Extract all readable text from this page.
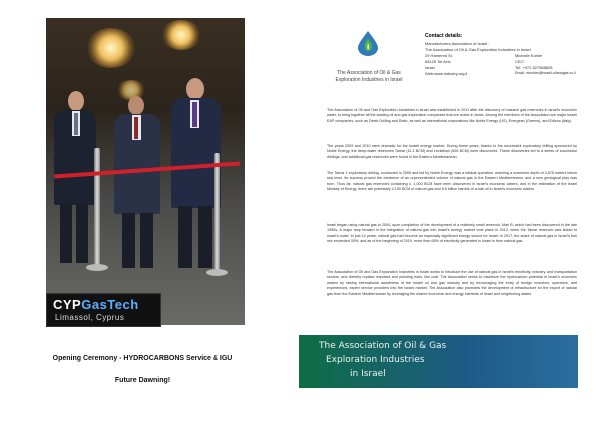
CYPGasTech
Limassol, Cyprus
Opening Ceremony - HYDROCARBONS Service & IGU
Future Dawning!
The Association of Oil & Gas
Exploration Industries in Israel
Contact details:
Manufacturers Association of Israel -
The Association of Oil & Gas Exploration Industries in Israel
29 Hamered St.
68125 Tel Aviv
Israel
Web:www.industry.org.il
Michelle Kohler
CEO
Tel: +972 527568828
Email: mkohler@israeli-oilandgas.co.il
The Association of Oil and Gas Exploration Industries in Israel was established in 2011 after the discovery of massive gas reservoirs in Israel's economic water, to bring together all the leading oil and gas exploration companies that are active in Israel. Among the members of the Association are major Israeli E&P companies, such as Delek Drilling and Ratio, as well as international corporations like Noble Energy (US), Energean (Greece), and Edison (Italy).
The years 2009 and 2010 were dramatic for the Israeli energy market. During these years, thanks to the successful exploratory drilling sponsored by Noble Energy, the deep-water reservoirs Tamar (11.1 BCM) and Leviathan (606 BCM) were discovered. These discoveries led to a series of successful drillings, and additional gas reservoirs were found in the Eastern Mediterranean.
The Tamar 1 exploratory drilling, conducted in 2009 and led by Noble Energy, was a wildcat operation, reaching a maximum depth of 4,875 meters below sea level. Its success proved the existence of an unprecedented volume of natural gas in the Eastern Mediterranean, and a new geological play was born. Thus far, natural gas reservoirs containing c. 1,000 BCM have been discovered in Israel's economic waters, and in the estimation of the Israel Ministry of Energy, there are potentially 2,100 BCM of natural gas and 6.6 billion barrels of crude oil in Israel's economic waters.
Israel began using natural gas in 2004, upon completion of the development of a relatively small reservoir, Mari B, which had been discovered in the late 1990s. A major leap forward in the integration of natural gas into Israel's energy market took place in 2013, when the Tamar reservoir was linked to Israel's coast. In just 14 years, natural gas had become an especially significant energy source for Israel; in 2017, the share of natural gas in Israel's fuel mix exceeded 35%, and as of the beginning of 2019, more than 65% of electricity generated in Israel is from natural gas.
The Association of Oil and Gas Exploration Industries in Israel works to introduce the use of natural gas in Israel's electricity, industry, and transportation sectors, and thereby replace imported and polluting fuels, like coal. The Association seeks to maximize the hydrocarbon potential in Israel's economic waters by raising international awareness of the Israeli oil and gas industry and by encouraging the entry of foreign investors, operators, and experienced, expert service providers into the Israeli market. The Association also promotes the development of infrastructure for the export of natural gas from the Eastern Mediterranean by leveraging the shared economic and energy interests of Israel and neighboring states.
The Association of Oil & Gas
Exploration Industries
in Israel
